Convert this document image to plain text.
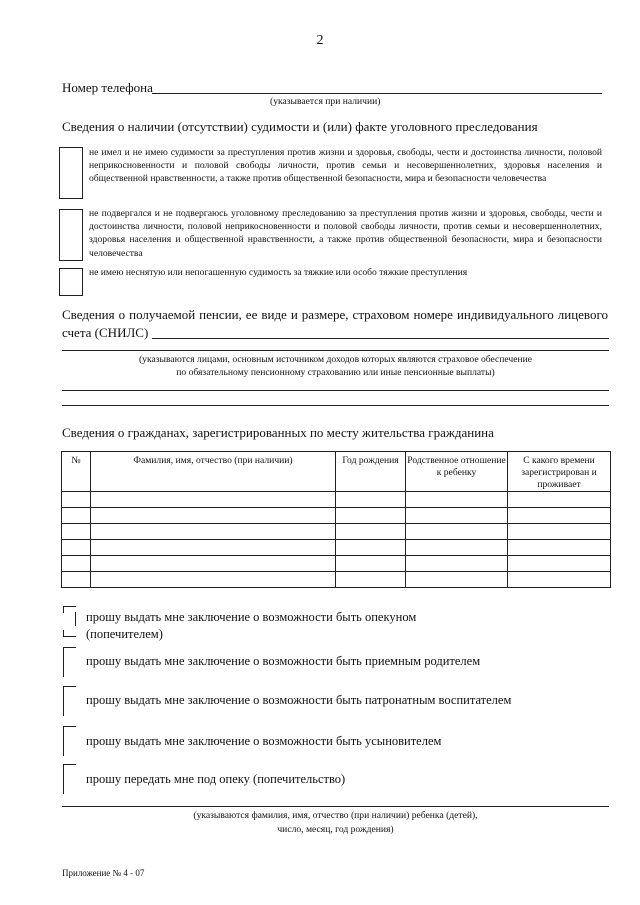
2
Номер телефона
(указывается при наличии)
Сведения о наличии (отсутствии) судимости и (или) факте уголовного преследования
не имел и не имею судимости за преступления против жизни и здоровья, свободы, чести и достоинства личности, половой неприкосновенности и половой свободы личности, против семьи и несовершеннолетних, здоровья населения и общественной нравственности, а также против общественной безопасности, мира и безопасности человечества
не подвергался и не подвергаюсь уголовному преследованию за преступления против жизни и здоровья, свободы, чести и достоинства личности, половой неприкосновенности и половой свободы личности, против семьи и несовершеннолетних, здоровья населения и общественной нравственности, а также против общественной безопасности, мира и безопасности человечества
не имею неснятую или непогашенную судимость за тяжкие или особо тяжкие преступления
Сведения о получаемой пенсии, ее виде и размере, страховом номере индивидуального лицевого
счета (СНИЛС)
(указываются лицами, основным источником доходов которых являются страховое обеспечение
по обязательному пенсионному страхованию или иные пенсионные выплаты)
Сведения о гражданах, зарегистрированных по месту жительства гражданина
№	Фамилия, имя, отчество (при наличии)	Год рождения	Родственное отношение к ребенку	С какого времени зарегистрирован и проживает

прошу выдать мне заключение о возможности быть опекуном
(попечителем)
прошу выдать мне заключение о возможности быть приемным родителем
прошу выдать мне заключение о возможности быть патронатным воспитателем
прошу выдать мне заключение о возможности быть усыновителем
прошу передать мне под опеку (попечительство)
(указываются фамилия, имя, отчество (при наличии) ребенка (детей),
число, месяц, год рождения)
Приложение № 4 - 07
